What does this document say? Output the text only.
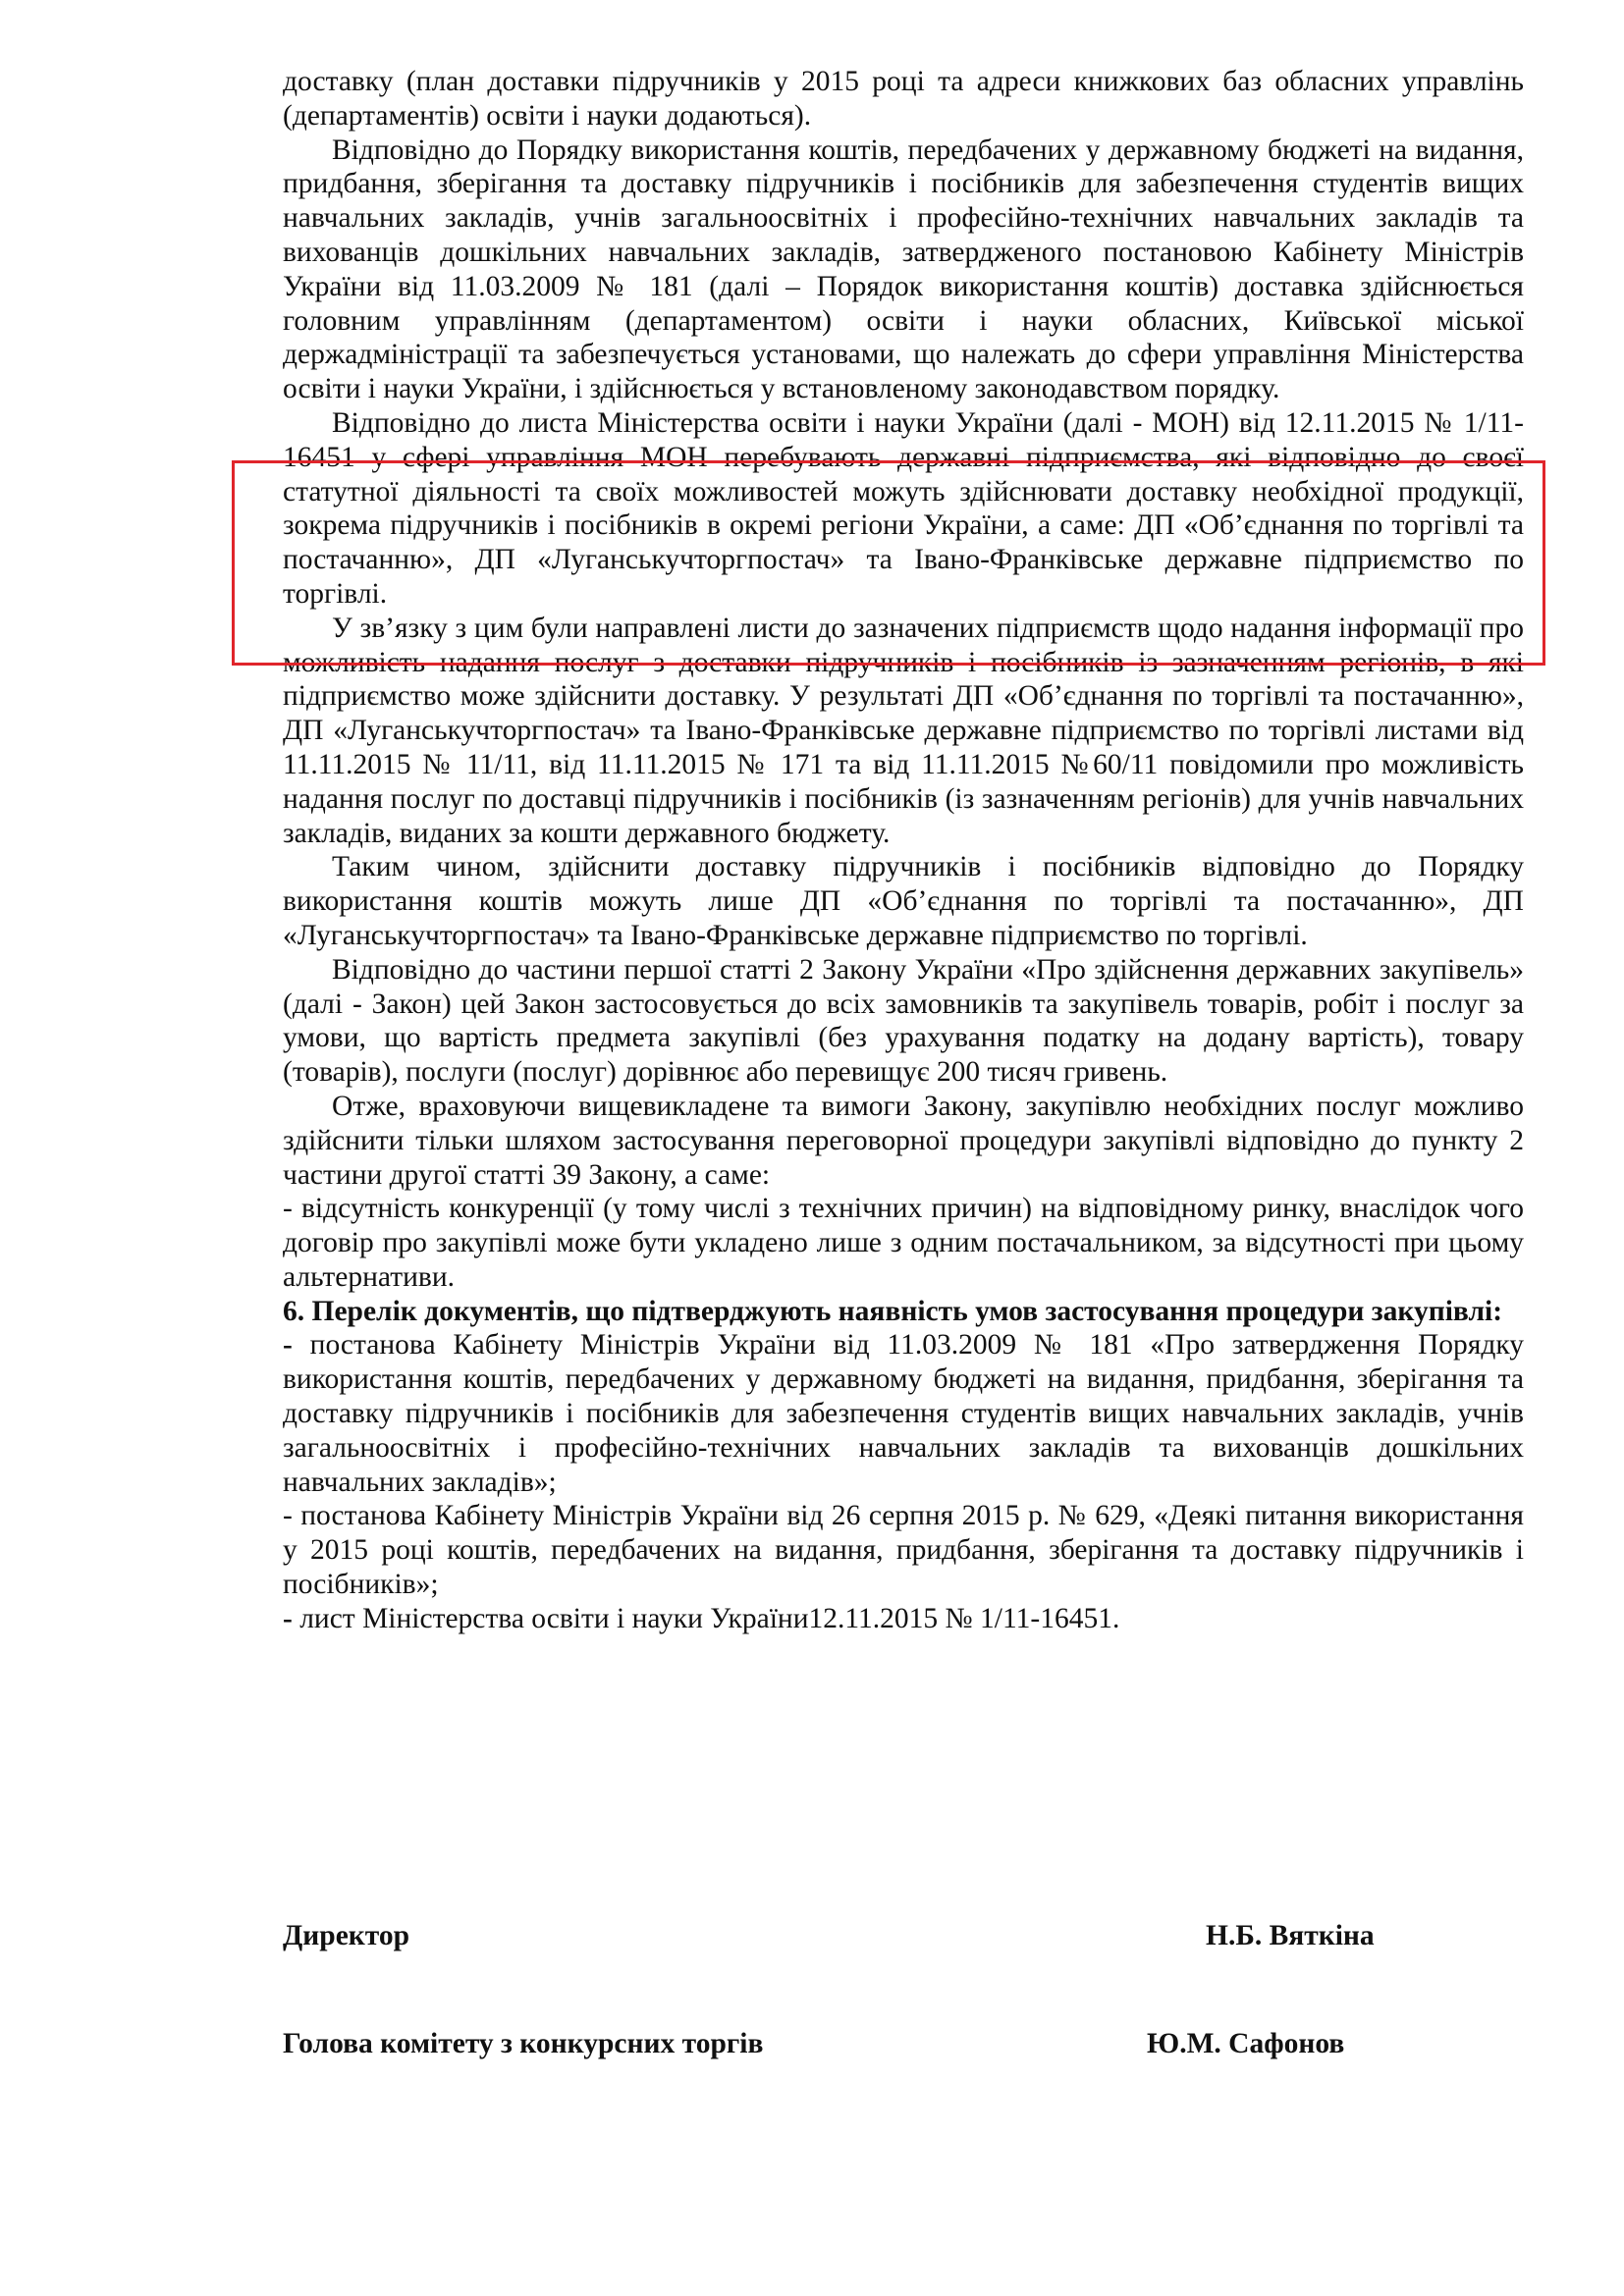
доставку (план доставки підручників у 2015 році та адреси книжкових баз обласних управлінь (департаментів) освіти і науки додаються).

Відповідно до Порядку використання коштів, передбачених у державному бюджеті на видання, придбання, зберігання та доставку підручників і посібників для забезпечення студентів вищих навчальних закладів, учнів загальноосвітніх і професійно-технічних навчальних закладів та вихованців дошкільних навчальних закладів, затвердженого постановою Кабінету Міністрів України від 11.03.2009 № 181 (далі – Порядок використання коштів) доставка здійснюється головним управлінням (департаментом) освіти і науки обласних, Київської міської держадміністрації та забезпечується установами, що належать до сфери управління Міністерства освіти і науки України, і здійснюється у встановленому законодавством порядку.

Відповідно до листа Міністерства освіти і науки України (далі - МОН) від 12.11.2015 № 1/11-16451 у сфері управління МОН перебувають державні підприємства, які відповідно до своєї статутної діяльності та своїх можливостей можуть здійснювати доставку необхідної продукції, зокрема підручників і посібників в окремі регіони України, а саме: ДП «Об’єднання по торгівлі та постачанню», ДП «Луганськучторгпостач» та Івано-Франківське державне підприємство по торгівлі.

У зв’язку з цим були направлені листи до зазначених підприємств щодо надання інформації про можливість надання послуг з доставки підручників і посібників із зазначенням регіонів, в які підприємство може здійснити доставку. У результаті ДП «Об’єднання по торгівлі та постачанню», ДП «Луганськучторгпостач» та Івано-Франківське державне підприємство по торгівлі листами від 11.11.2015 № 11/11, від 11.11.2015 № 171 та від 11.11.2015 №60/11 повідомили про можливість надання послуг по доставці підручників і посібників (із зазначенням регіонів) для учнів навчальних закладів, виданих за кошти державного бюджету.

Таким чином, здійснити доставку підручників і посібників відповідно до Порядку використання коштів можуть лише ДП «Об’єднання по торгівлі та постачанню», ДП «Луганськучторгпостач» та Івано-Франківське державне підприємство по торгівлі.

Відповідно до частини першої статті 2 Закону України «Про здійснення державних закупівель» (далі - Закон) цей Закон застосовується до всіх замовників та закупівель товарів, робіт і послуг за умови, що вартість предмета закупівлі (без урахування податку на додану вартість), товару (товарів), послуги (послуг) дорівнює або перевищує 200 тисяч гривень.

Отже, враховуючи вищевикладене та вимоги Закону, закупівлю необхідних послуг можливо здійснити тільки шляхом застосування переговорної процедури закупівлі відповідно до пункту 2 частини другої статті 39 Закону, а саме:

- відсутність конкуренції (у тому числі з технічних причин) на відповідному ринку, внаслідок чого договір про закупівлі може бути укладено лише з одним постачальником, за відсутності при цьому альтернативи.

6. Перелік документів, що підтверджують наявність умов застосування процедури закупівлі:

- постанова Кабінету Міністрів України від 11.03.2009 № 181 «Про затвердження Порядку використання коштів, передбачених у державному бюджеті на видання, придбання, зберігання та доставку підручників і посібників для забезпечення студентів вищих навчальних закладів, учнів загальноосвітніх і професійно-технічних навчальних закладів та вихованців дошкільних навчальних закладів»;

- постанова Кабінету Міністрів України від 26 серпня 2015 р. № 629, «Деякі питання використання у 2015 році коштів, передбачених на видання, придбання, зберігання та доставку підручників і посібників»;

- лист Міністерства освіти і науки України12.11.2015 № 1/11-16451.

Директор	Н.Б. Вяткіна
Голова комітету з конкурсних торгів	Ю.М. Сафонов
